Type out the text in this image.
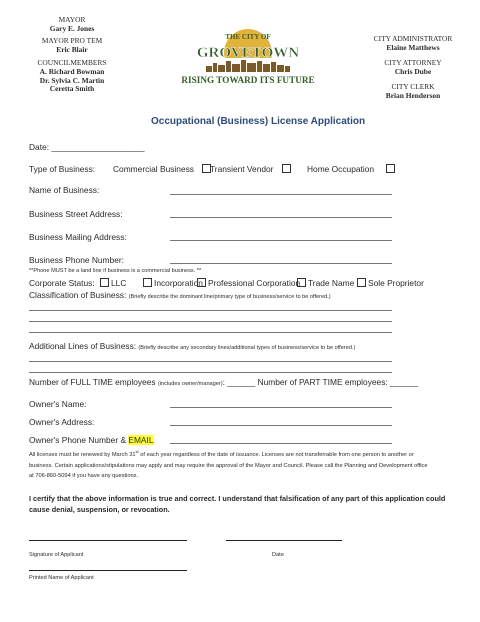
MAYOR
Gary E. Jones
MAYOR PRO TEM
Eric Blair
COUNCILMEMBERS
A. Richard Bowman
Dr. Sylvia C. Martin
Ceretta Smith
CITY ADMINISTRATOR
Elaine Matthews
CITY ATTORNEY
Chris Dube
CITY CLERK
Brian Henderson
THE CITY OF
GROVETOWN
RISING TOWARD ITS FUTURE
Occupational (Business) License Application
Date: ____________________
Type of Business: Commercial Business	Transient Vendor	Home Occupation
Name of Business:
Business Street Address:
Business Mailing Address:
Business Phone Number:
**Phone MUST be a land line if business is a commercial business. **
Corporate Status:	LLC	Incorporation Professional Corporation Trade Name	Sole Proprietor
Classification of Business: (Briefly describe the dominant line/primary type of business/service to be offered.)
Additional Lines of Business: (Briefly describe any secondary lines/additional types of business/service to be offered.)
Number of FULL TIME employees (includes owner/manager): ______ Number of PART TIME employees: ______
Owner's Name:
Owner's Address:
Owner's Phone Number & EMAIL
All licenses must be renewed by March 31st of each year regardless of the date of issuance. Licenses are not transferrable from one person to another or business. Certain applications/stipulations may apply and may require the approval of the Mayor and Council. Please call the Planning and Development office at 706-860-5094 if you have any questions.
I certify that the above information is true and correct. I understand that falsification of any part of this application could cause denial, suspension, or revocation.
Signature of Applicant	Date
Printed Name of Applicant
